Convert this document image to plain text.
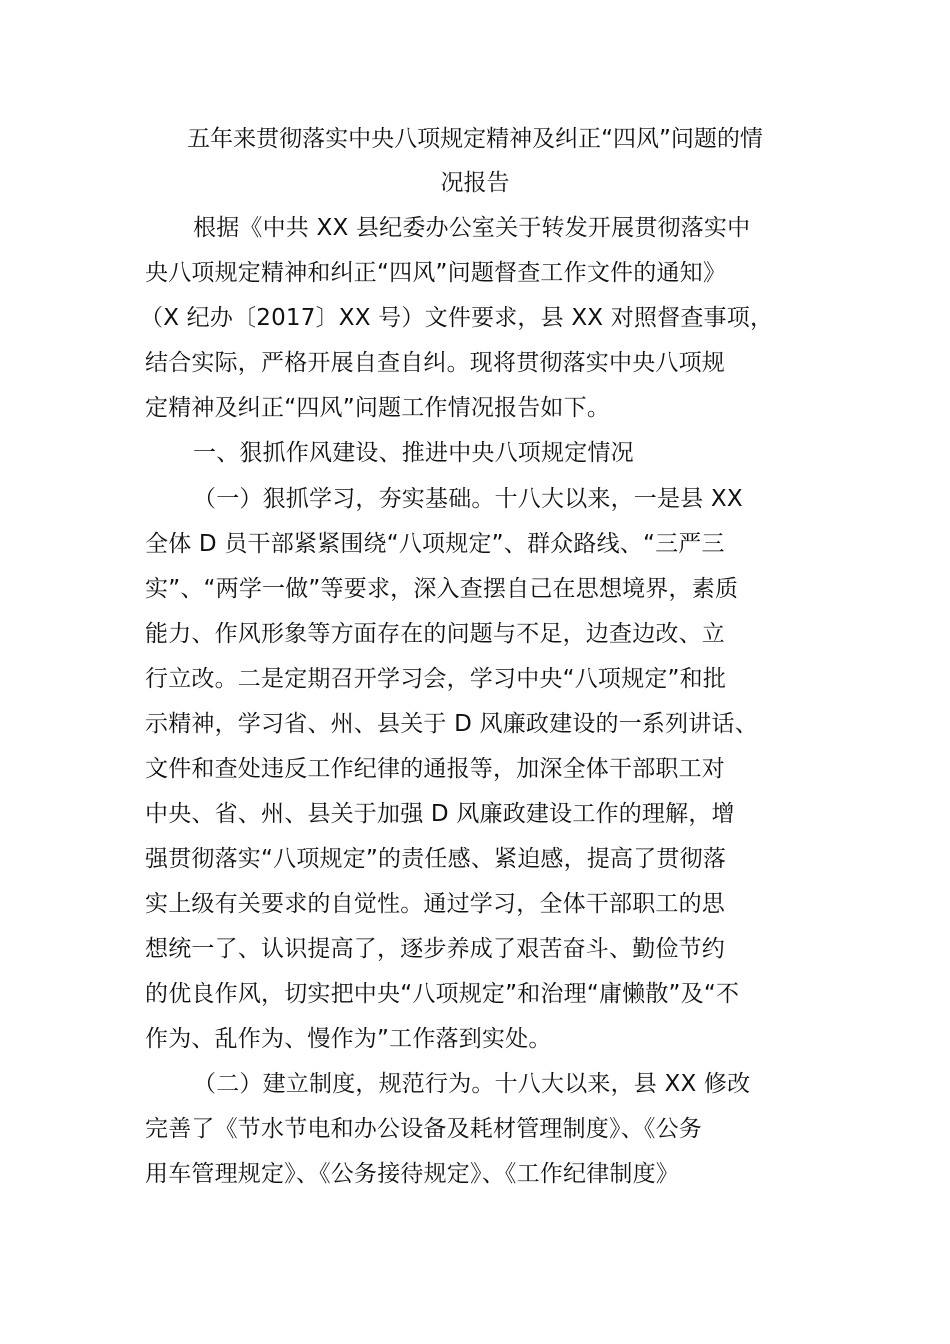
五年来贯彻落实中央八项规定精神及纠正“四风”问题的情
况报告
根据《中共 XX 县纪委办公室关于转发开展贯彻落实中
央八项规定精神和纠正“四风”问题督查工作文件的通知》
（X 纪办〔2017〕XX 号）文件要求，县 XX 对照督查事项，
结合实际，严格开展自查自纠。现将贯彻落实中央八项规
定精神及纠正“四风”问题工作情况报告如下。
一、狠抓作风建设、推进中央八项规定情况
（一）狠抓学习，夯实基础。十八大以来，一是县 XX
全体 D 员干部紧紧围绕“八项规定”、群众路线、“三严三
实”、“两学一做”等要求，深入查摆自己在思想境界，素质
能力、作风形象等方面存在的问题与不足，边查边改、立
行立改。二是定期召开学习会，学习中央“八项规定”和批
示精神，学习省、州、县关于 D 风廉政建设的一系列讲话、
文件和查处违反工作纪律的通报等，加深全体干部职工对
中央、省、州、县关于加强 D 风廉政建设工作的理解，增
强贯彻落实“八项规定”的责任感、紧迫感，提高了贯彻落
实上级有关要求的自觉性。通过学习，全体干部职工的思
想统一了、认识提高了，逐步养成了艰苦奋斗、勤俭节约
的优良作风，切实把中央“八项规定”和治理“庸懒散”及“不
作为、乱作为、慢作为”工作落到实处。
（二）建立制度，规范行为。十八大以来，县 XX 修改
完善了《节水节电和办公设备及耗材管理制度》、《公务
用车管理规定》、《公务接待规定》、《工作纪律制度》
